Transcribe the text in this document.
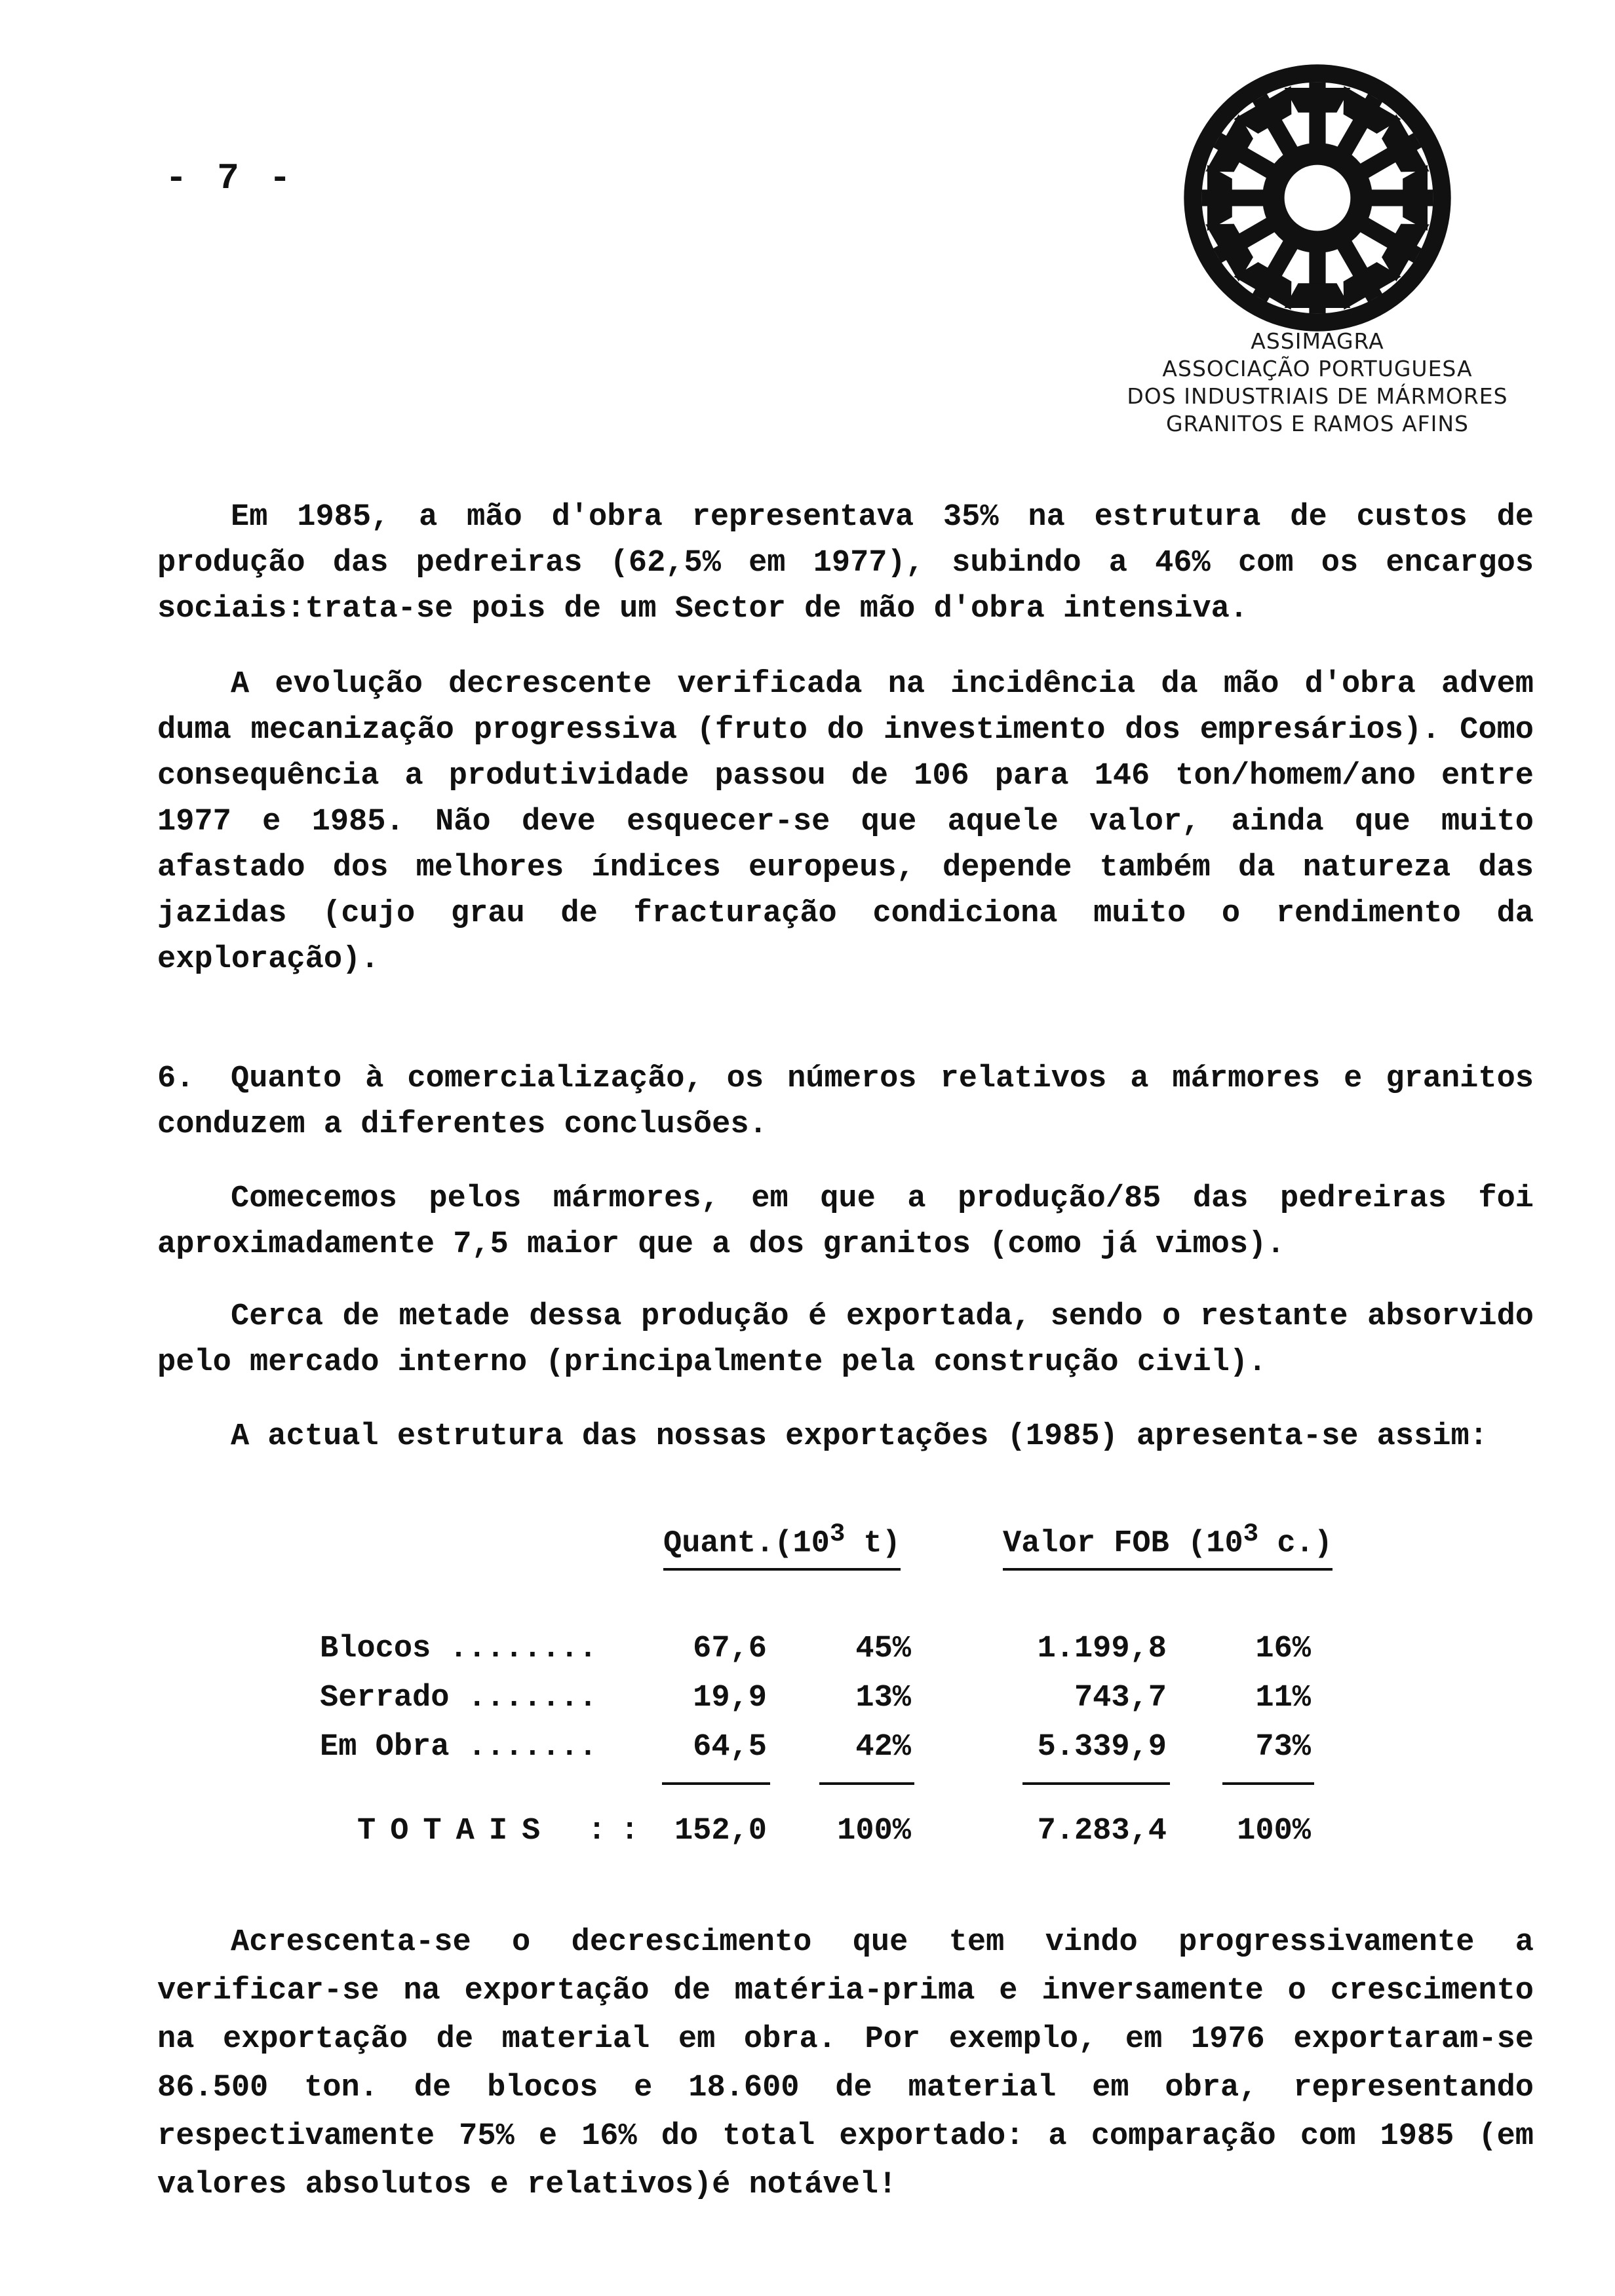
- 7 -
ASSIMAGRA
ASSOCIAÇÃO PORTUGUESA
DOS INDUSTRIAIS DE MÁRMORES
GRANITOS E RAMOS AFINS

Em 1985, a mão d'obra representava 35% na estrutura de custos de produção das pedreiras (62,5% em 1977), subindo a 46% com os encargos sociais:trata-se pois de um Sector de mão d'obra intensiva.

A evolução decrescente verificada na incidência da mão d'obra advem duma mecanização progressiva (fruto do investimento dos empresários). Como consequência a produtividade passou de 106 para 146 ton/homem/ano entre 1977 e 1985. Não deve esquecer-se que aquele valor, ainda que muito afastado dos melhores índices europeus, depende também da natureza das jazidas (cujo grau de fracturação condiciona muito o rendimento da exploração).

6. Quanto à comercialização, os números relativos a mármores e granitos conduzem a diferentes conclusões.

Comecemos pelos mármores, em que a produção/85 das pedreiras foi aproximadamente 7,5 maior que a dos granitos (como já vimos).

Cerca de metade dessa produção é exportada, sendo o restante absorvido pelo mercado interno (principalmente pela construção civil).

A actual estrutura das nossas exportações (1985) apresenta-se assim:

$Quant.(10^3$ t)	Valor FOB ($10^3$ c.)
Blocos ........	67,6	45%	1.199,8	16%
Serrado .......	19,9	13%	743,7	11%
Em Obra .......	64,5	42%	5.339,9	73%
TOTAIS :: 152,0	100%	7.283,4	100%

Acrescenta-se o decrescimento que tem vindo progressivamente a verificar-se na exportação de matéria-prima e inversamente o crescimento na exportação de material em obra. Por exemplo, em 1976 exportaram-se 86.500 ton. de blocos e 18.600 de material em obra, representando respectivamente 75% e 16% do total exportado: a comparação com 1985 (em valores absolutos e relativos)é notável!
